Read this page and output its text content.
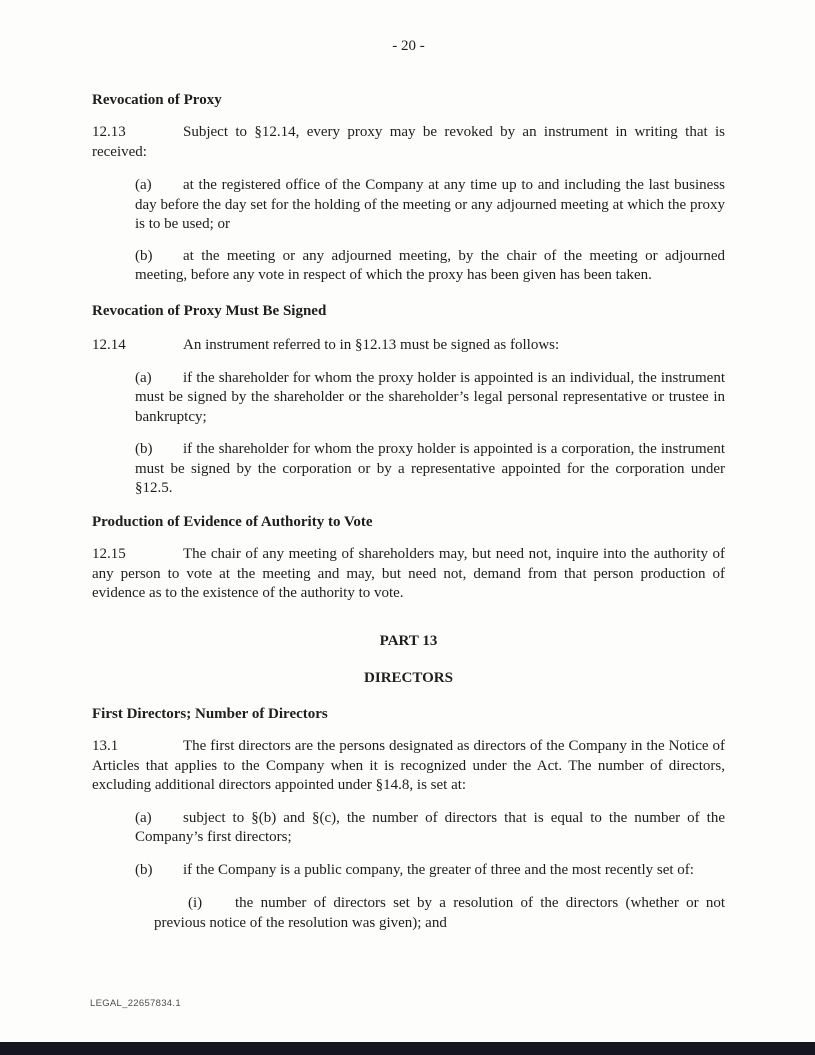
- 20 -
Revocation of Proxy
12.13	Subject to §12.14, every proxy may be revoked by an instrument in writing that is received:
(a) at the registered office of the Company at any time up to and including the last business day before the day set for the holding of the meeting or any adjourned meeting at which the proxy is to be used; or
(b) at the meeting or any adjourned meeting, by the chair of the meeting or adjourned meeting, before any vote in respect of which the proxy has been given has been taken.
Revocation of Proxy Must Be Signed
12.14	An instrument referred to in §12.13 must be signed as follows:
(a) if the shareholder for whom the proxy holder is appointed is an individual, the instrument must be signed by the shareholder or the shareholder’s legal personal representative or trustee in bankruptcy;
(b) if the shareholder for whom the proxy holder is appointed is a corporation, the instrument must be signed by the corporation or by a representative appointed for the corporation under §12.5.
Production of Evidence of Authority to Vote
12.15	The chair of any meeting of shareholders may, but need not, inquire into the authority of any person to vote at the meeting and may, but need not, demand from that person production of evidence as to the existence of the authority to vote.
PART 13
DIRECTORS
First Directors; Number of Directors
13.1	The first directors are the persons designated as directors of the Company in the Notice of Articles that applies to the Company when it is recognized under the Act. The number of directors, excluding additional directors appointed under §14.8, is set at:
(a) subject to §(b) and §(c), the number of directors that is equal to the number of the Company’s first directors;
(b) if the Company is a public company, the greater of three and the most recently set of:
(i) the number of directors set by a resolution of the directors (whether or not previous notice of the resolution was given); and
LEGAL_22657834.1
